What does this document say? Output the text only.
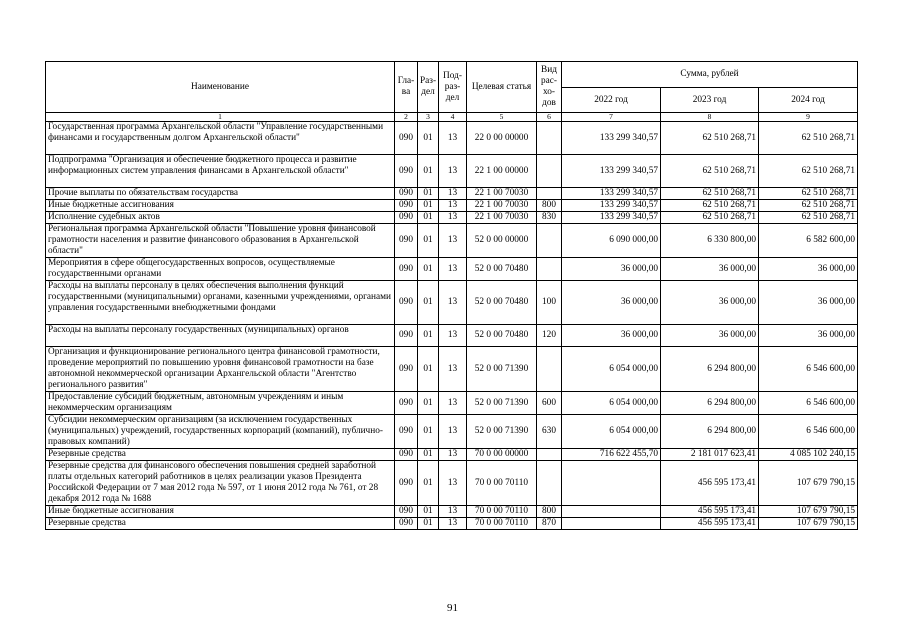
Наименование	Гла-ва	Раз-дел	Под-раз-дел	Целевая статья	Вид рас-хо-дов	Сумма, рублей		
						2022 год	2023 год	2024 год
1	2	3	4	5	6	7	8	9
Государственная программа Архангельской области "Управление государственными финансами и государственным долгом Архангельской области"	090	01	13	22 0 00 00000		133 299 340,57	62 510 268,71	62 510 268,71
Подпрограмма "Организация и обеспечение бюджетного процесса и развитие информационных систем управления финансами в Архангельской области"	090	01	13	22 1 00 00000		133 299 340,57	62 510 268,71	62 510 268,71
Прочие выплаты по обязательствам государства	090	01	13	22 1 00 70030		133 299 340,57	62 510 268,71	62 510 268,71
Иные бюджетные ассигнования	090	01	13	22 1 00 70030	800	133 299 340,57	62 510 268,71	62 510 268,71
Исполнение судебных актов	090	01	13	22 1 00 70030	830	133 299 340,57	62 510 268,71	62 510 268,71
Региональная программа Архангельской области "Повышение уровня финансовой грамотности населения и развитие финансового образования в Архангельской области"	090	01	13	52 0 00 00000		6 090 000,00	6 330 800,00	6 582 600,00
Мероприятия в сфере общегосударственных вопросов, осуществляемые государственными органами	090	01	13	52 0 00 70480		36 000,00	36 000,00	36 000,00
Расходы на выплаты персоналу в целях обеспечения выполнения функций государственными (муниципальными) органами, казенными учреждениями, органами управления государственными внебюджетными фондами	090	01	13	52 0 00 70480	100	36 000,00	36 000,00	36 000,00
Расходы на выплаты персоналу государственных (муниципальных) органов	090	01	13	52 0 00 70480	120	36 000,00	36 000,00	36 000,00
Организация и функционирование регионального центра финансовой грамотности, проведение мероприятий по повышению уровня финансовой грамотности на базе автономной некоммерческой организации Архангельской области "Агентство регионального развития"	090	01	13	52 0 00 71390		6 054 000,00	6 294 800,00	6 546 600,00
Предоставление субсидий бюджетным, автономным учреждениям и иным некоммерческим организациям	090	01	13	52 0 00 71390	600	6 054 000,00	6 294 800,00	6 546 600,00
Субсидии некоммерческим организациям (за исключением государственных (муниципальных) учреждений, государственных корпораций (компаний), публично-правовых компаний)	090	01	13	52 0 00 71390	630	6 054 000,00	6 294 800,00	6 546 600,00
Резервные средства	090	01	13	70 0 00 00000		716 622 455,70	2 181 017 623,41	4 085 102 240,15
Резервные средства для финансового обеспечения повышения средней заработной платы отдельных категорий работников в целях реализации указов Президента Российской Федерации от 7 мая 2012 года № 597, от 1 июня 2012 года № 761, от 28 декабря 2012 года № 1688	090	01	13	70 0 00 70110			456 595 173,41	107 679 790,15
Иные бюджетные ассигнования	090	01	13	70 0 00 70110	800		456 595 173,41	107 679 790,15
Резервные средства	090	01	13	70 0 00 70110	870		456 595 173,41	107 679 790,15
91
